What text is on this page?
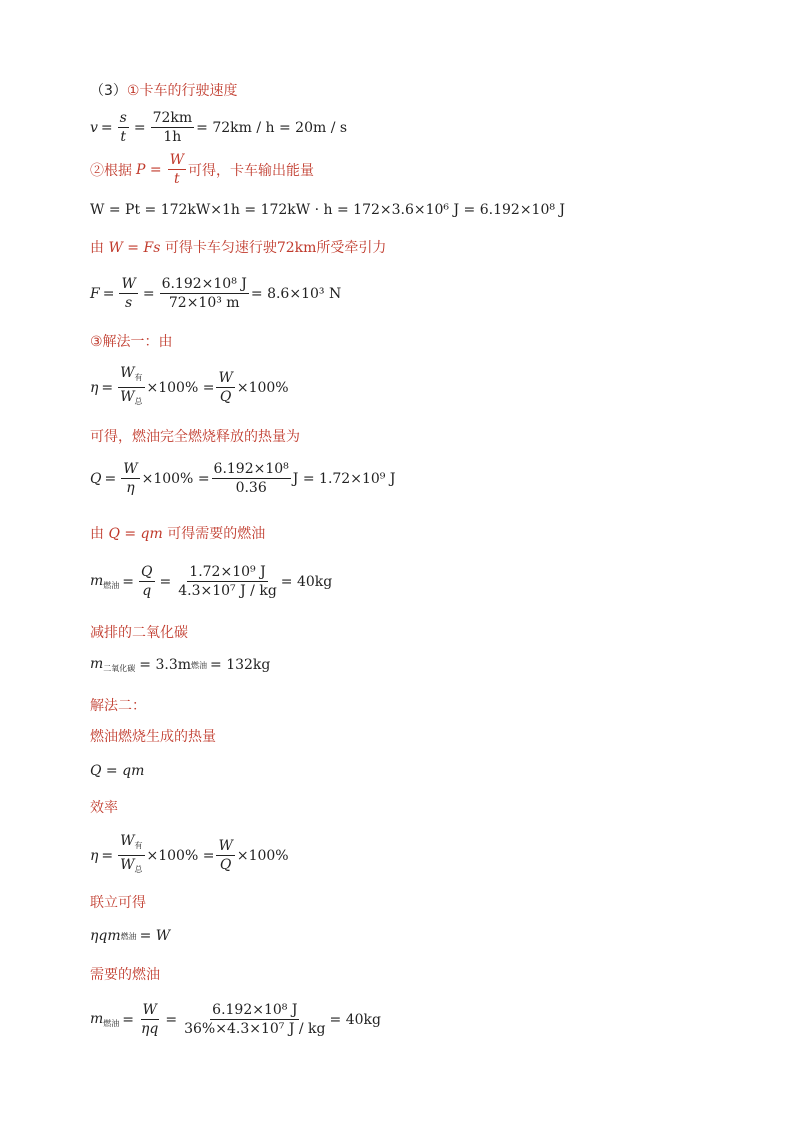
（3）①卡车的行驶速度
$v = \frac{s}{t} = \frac{72km}{1h} = 72km / h = 20m / s$
②根据 $P = \frac{W}{t}$ 可得，卡车输出能量
W = Pt = 172kW×1h = 172kW · h = 172×3.6×10⁶ J = 6.192×10⁸ J
由 W = Fs 可得卡车匀速行驶72km所受牵引力
$F = \frac{W}{s} = \frac{\text{6.192×10⁸ J}}{\text{72×10³ m}} = 8.6\times 10^3$ N
③解法一：由
$\eta = \frac{W_有}{W_总} \times 100\% = \frac{W}{Q} \times 100\%$
可得，燃油完全燃烧释放的热量为
$Q = \frac{W}{\eta} \times 100\% = \frac{\text{6.192×10⁸}}{0.36}$ J = 1.72×10⁹ J
由 Q = qm 可得需要的燃油
$m_{燃油} = \frac{Q}{q} = \frac{\text{1.72×10⁹ J}}{\text{4.3×10⁷ J / kg}} = 40kg$
减排的二氧化碳
$m_{二氧化碳} = 3.3m$ 燃油 = 132kg
解法二：
燃油燃烧生成的热量
Q = qm
效率
$\eta = \frac{W_有}{W_总} \times 100\% = \frac{W}{Q} \times 100\%$
联立可得
ηqm 燃油 = W
需要的燃油
$m_{燃油} = \frac{W}{\eta q} = \frac{\text{6.192×10⁸ J}}{\text{36\%×4.3×10⁷ J / kg}} = 40kg$
